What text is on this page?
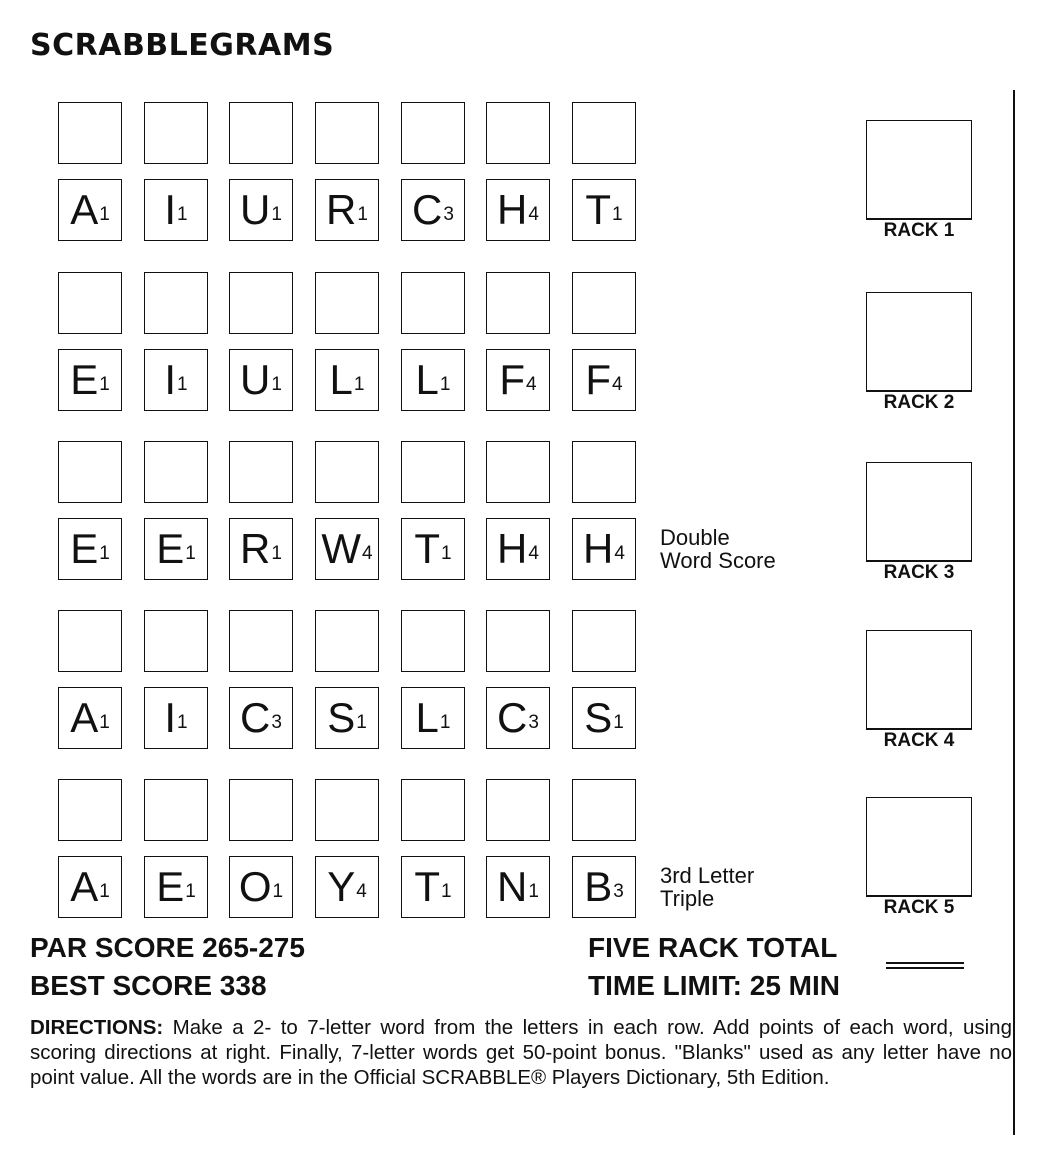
SCRABBLEGRAMS
A 1 I 1 U 1 R 1 C 3 H 4 T 1
RACK 1
E 1 I 1 U 1 L 1 L 1 F 4 F 4
RACK 2
E 1 E 1 R 1 W 4 T 1 H 4 H 4
Double
Word Score	RACK 3
A 1 I 1 C 3 S 1 L 1 C 3 S 1
RACK 4
A 1 E 1 O 1 Y 4 T 1 N 1 B 3
3rd Letter
Triple	RACK 5
PAR SCORE 265-275
BEST SCORE 338
FIVE RACK TOTAL
TIME LIMIT: 25 MIN
DIRECTIONS: Make a 2- to 7-letter word from the letters in each row. Add points of each word, using scoring directions at right. Finally, 7-letter words get 50-point bonus. "Blanks" used as any letter have no point value. All the words are in the Official SCRABBLE® Players Dictionary, 5th Edition.
